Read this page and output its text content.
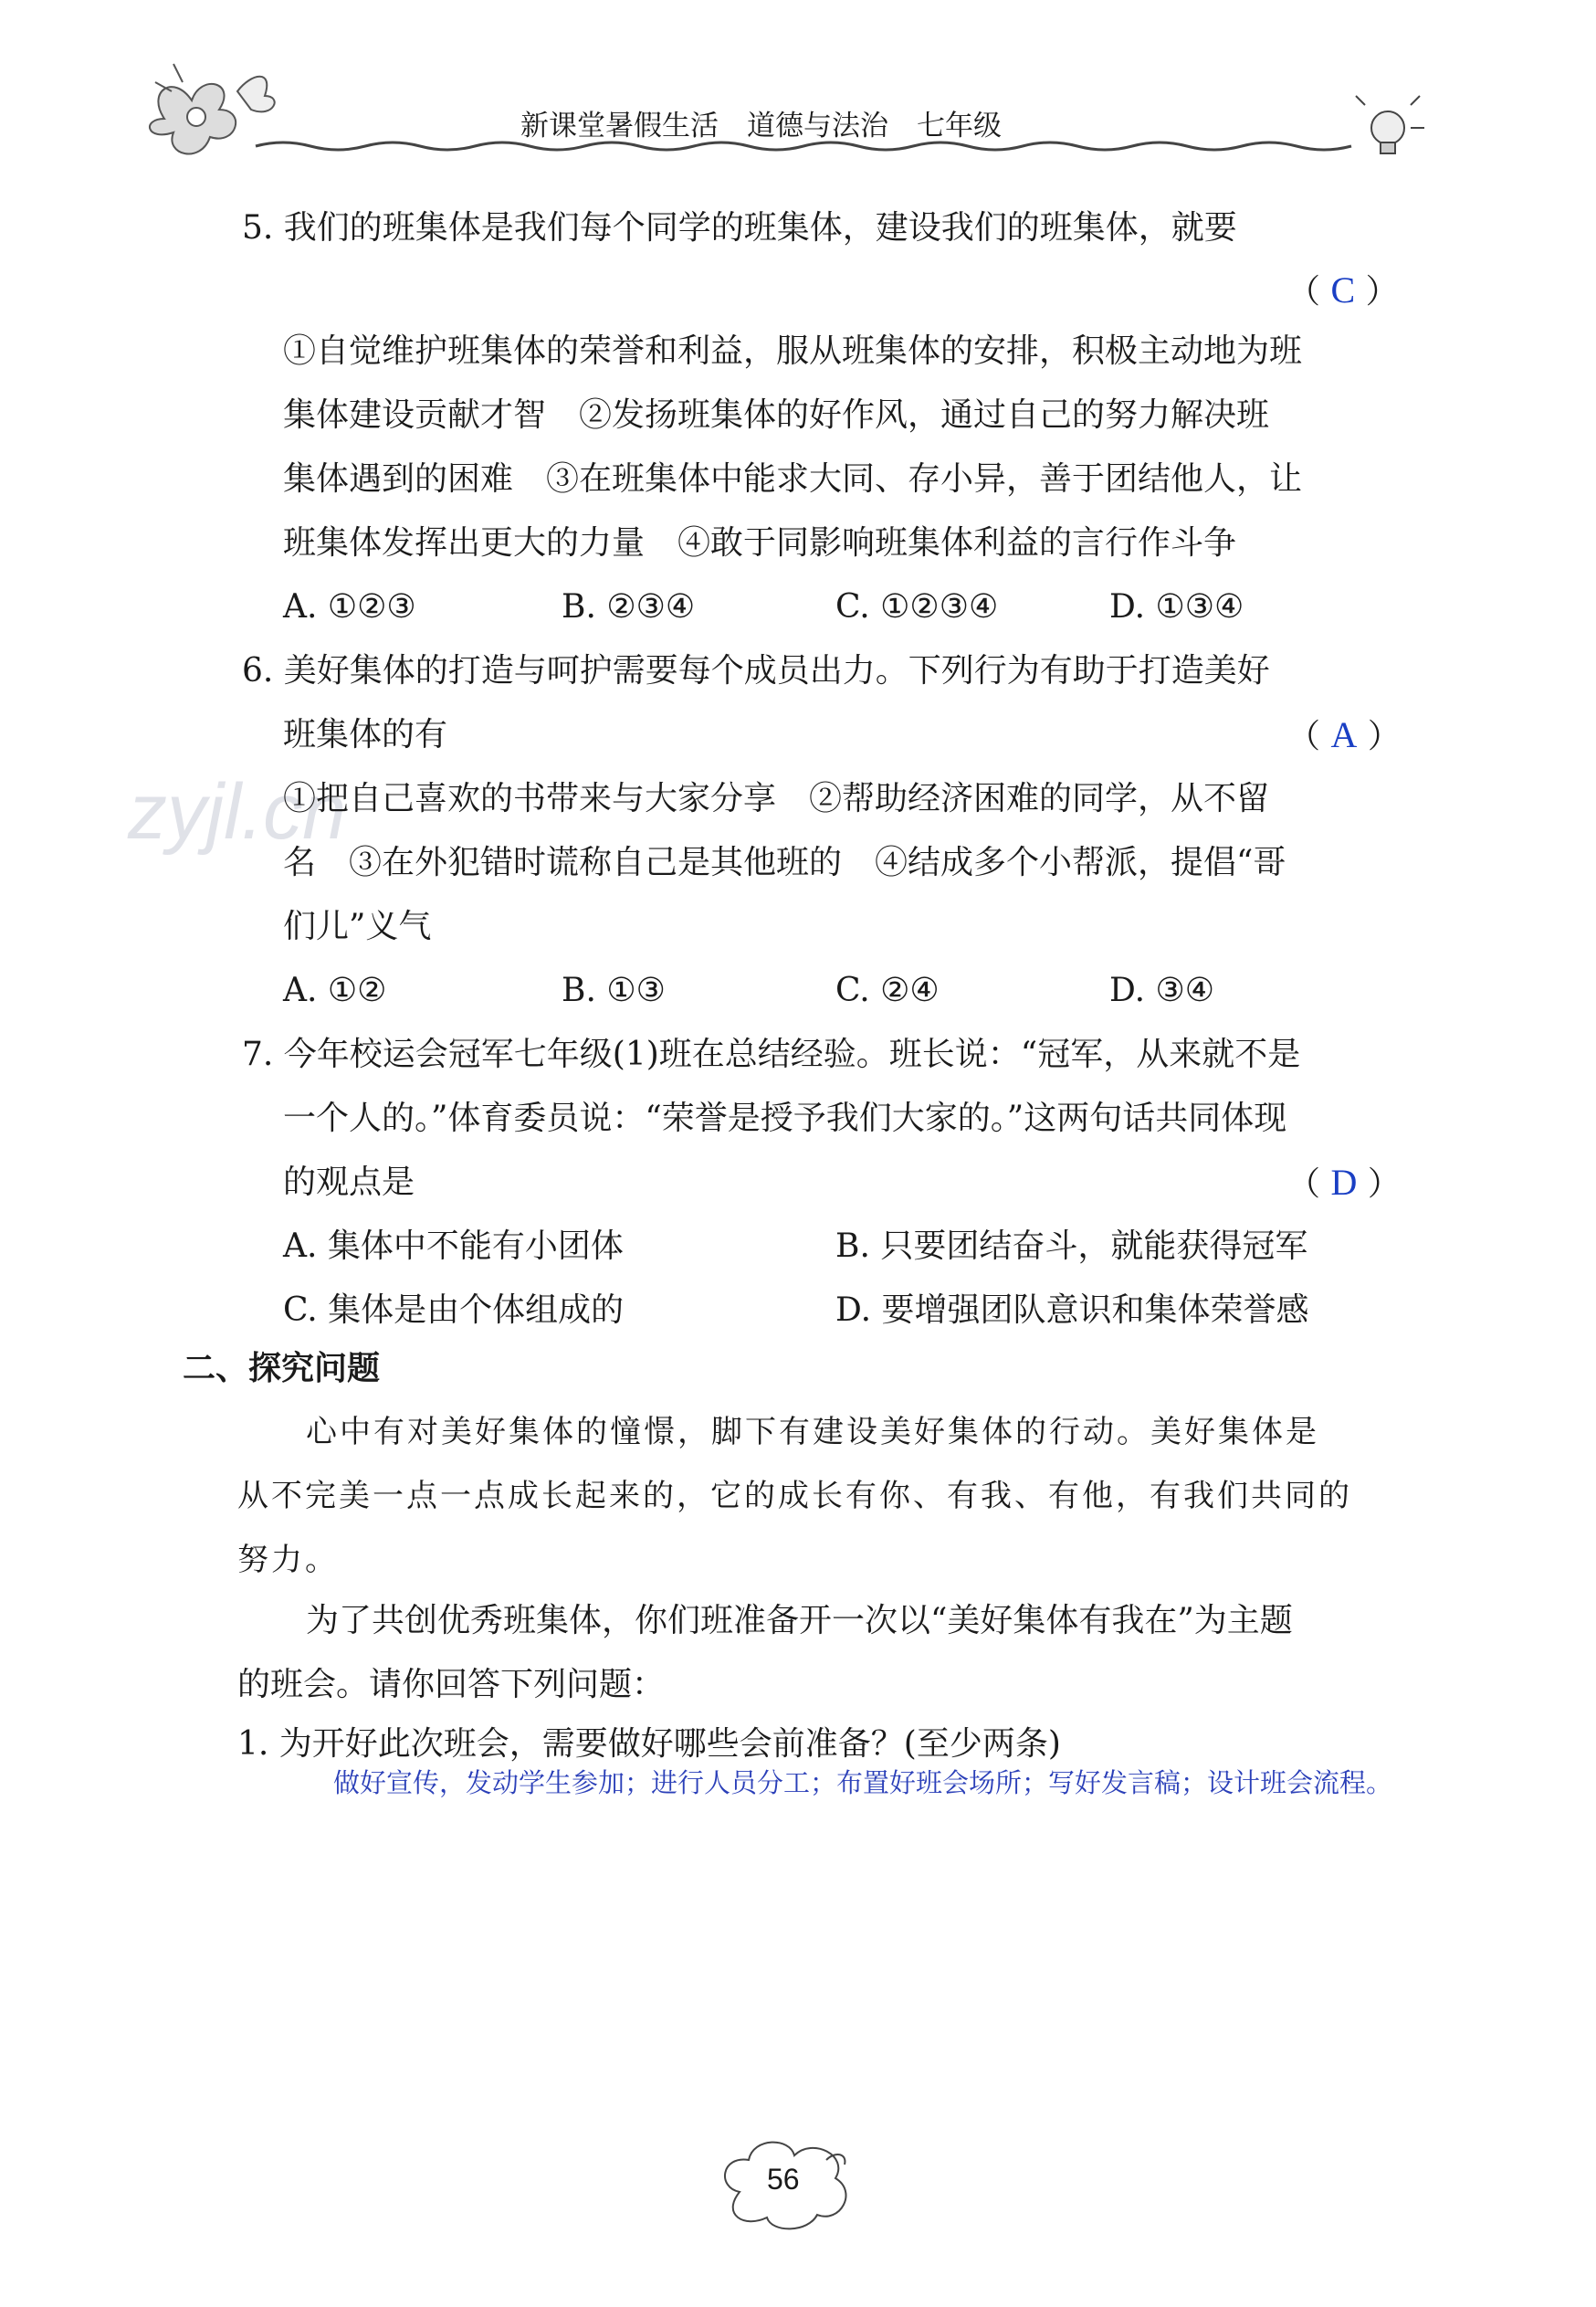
新课堂暑假生活　道德与法治　七年级
zyjl.cn
5. 我们的班集体是我们每个同学的班集体，建设我们的班集体，就要
（ C ）
①自觉维护班集体的荣誉和利益，服从班集体的安排，积极主动地为班
集体建设贡献才智　②发扬班集体的好作风，通过自己的努力解决班
集体遇到的困难　③在班集体中能求大同、存小异，善于团结他人，让
班集体发挥出更大的力量　④敢于同影响班集体利益的言行作斗争
A. ①②③	B. ②③④	C. ①②③④	D. ①③④
6. 美好集体的打造与呵护需要每个成员出力。下列行为有助于打造美好
班集体的有	（ A ）
①把自己喜欢的书带来与大家分享　②帮助经济困难的同学，从不留
名　③在外犯错时谎称自己是其他班的　④结成多个小帮派，提倡“哥
们儿”义气
A. ①②	B. ①③	C. ②④	D. ③④
7. 今年校运会冠军七年级(1)班在总结经验。班长说：“冠军，从来就不是
一个人的。”体育委员说：“荣誉是授予我们大家的。”这两句话共同体现
的观点是	（ D ）
A. 集体中不能有小团体	B. 只要团结奋斗，就能获得冠军
C. 集体是由个体组成的	D. 要增强团队意识和集体荣誉感
二、探究问题
心中有对美好集体的憧憬，脚下有建设美好集体的行动。美好集体是
从不完美一点一点成长起来的，它的成长有你、有我、有他，有我们共同的
努力。
为了共创优秀班集体，你们班准备开一次以“美好集体有我在”为主题
的班会。请你回答下列问题：
1. 为开好此次班会，需要做好哪些会前准备？(至少两条)
做好宣传，发动学生参加；进行人员分工；布置好班会场所；写好发言稿；设计班会流程。
56
